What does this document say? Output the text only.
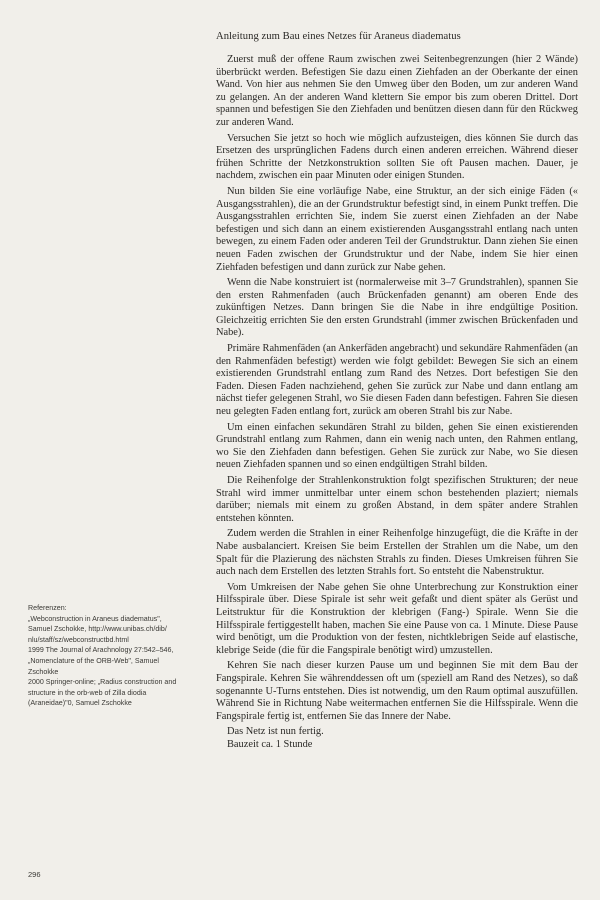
Anleitung zum Bau eines Netzes für Araneus diadematus

Zuerst muß der offene Raum zwischen zwei Seitenbegrenzungen (hier 2 Wände) überbrückt werden. Befestigen Sie dazu einen Ziehfaden an der Oberkante der einen Wand. Von hier aus nehmen Sie den Umweg über den Boden, um zur anderen Wand zu gelangen. An der anderen Wand klettern Sie empor bis zum oberen Drittel. Dort spannen und befestigen Sie den Ziehfaden und benützen diesen dann für den Rückweg zur anderen Wand.

Versuchen Sie jetzt so hoch wie möglich aufzusteigen, dies können Sie durch das Ersetzen des ursprünglichen Fadens durch einen anderen erreichen. Während dieser frühen Schritte der Netzkonstruktion sollten Sie oft Pausen machen. Dauer, je nachdem, zwischen ein paar Minuten oder einigen Stunden.

Nun bilden Sie eine vorläufige Nabe, eine Struktur, an der sich einige Fäden (« Ausgangsstrahlen), die an der Grundstruktur befestigt sind, in einem Punkt treffen. Die Ausgangsstrahlen errichten Sie, indem Sie zuerst einen Ziehfaden an der Nabe befestigen und sich dann an einem existierenden Ausgangsstrahl entlang nach unten bewegen, zu einem Faden oder anderen Teil der Grundstruktur. Dann ziehen Sie einen neuen Faden zwischen der Grundstruktur und der Nabe, indem Sie hier einen Ziehfaden befestigen und dann zurück zur Nabe gehen.

Wenn die Nabe konstruiert ist (normalerweise mit 3–7 Grundstrahlen), spannen Sie den ersten Rahmenfaden (auch Brückenfaden genannt) am oberen Ende des zukünftigen Netzes. Dann bringen Sie die Nabe in ihre endgültige Position. Gleichzeitig errichten Sie den ersten Grundstrahl (immer zwischen Brückenfaden und Nabe).

Primäre Rahmenfäden (an Ankerfäden angebracht) und sekundäre Rahmenfäden (an den Rahmenfäden befestigt) werden wie folgt gebildet: Bewegen Sie sich an einem existierenden Grundstrahl entlang zum Rand des Netzes. Dort befestigen Sie den Faden. Diesen Faden nachziehend, gehen Sie zurück zur Nabe und dann entlang am nächst tiefer gelegenen Strahl, wo Sie diesen Faden dann befestigen. Fahren Sie diesen neu gelegten Faden entlang fort, zurück am oberen Strahl bis zur Nabe.

Um einen einfachen sekundären Strahl zu bilden, gehen Sie einen existierenden Grundstrahl entlang zum Rahmen, dann ein wenig nach unten, den Rahmen entlang, wo Sie den Ziehfaden dann befestigen. Gehen Sie zurück zur Nabe, wo Sie diesen neuen Ziehfaden spannen und so einen endgültigen Strahl bilden.

Die Reihenfolge der Strahlenkonstruktion folgt spezifischen Strukturen; der neue Strahl wird immer unmittelbar unter einem schon bestehenden plaziert; niemals darüber; niemals mit einem zu großen Abstand, in dem später andere Strahlen entstehen könnten.

Zudem werden die Strahlen in einer Reihenfolge hinzugefügt, die die Kräfte in der Nabe ausbalanciert. Kreisen Sie beim Erstellen der Strahlen um die Nabe, um den Spalt für die Plazierung des nächsten Strahls zu finden. Dieses Umkreisen führen Sie auch nach dem Erstellen des letzten Strahls fort. So entsteht die Nabenstruktur.

Vom Umkreisen der Nabe gehen Sie ohne Unterbrechung zur Konstruktion einer Hilfsspirale über. Diese Spirale ist sehr weit gefaßt und dient später als Gerüst und Leitstruktur für die Konstruktion der klebrigen (Fang-) Spirale. Wenn Sie die Hilfsspirale fertiggestellt haben, machen Sie eine Pause von ca. 1 Minute. Diese Pause wird benötigt, um die Produktion von der festen, nichtklebrigen Seide auf elastische, klebrige Seide (die für die Fangspirale benötigt wird) umzustellen.

Kehren Sie nach dieser kurzen Pause um und beginnen Sie mit dem Bau der Fangspirale. Kehren Sie währenddessen oft um (speziell am Rand des Netzes), so daß sogenannte U-Turns entstehen. Dies ist notwendig, um den Raum optimal auszufüllen. Während Sie in Richtung Nabe weitermachen entfernen Sie die Hilfsspirale. Wenn die Fangspirale fertig ist, entfernen Sie das Innere der Nabe.

Das Netz ist nun fertig.

Bauzeit ca. 1 Stunde

Referenzen:

„Webconstruction in Araneus diadematus",

Samuel Zschokke, http://www.unibas.ch/dib/

nlu/staff/sz/webconstructbd.html

1999 The Journal of Arachnology 27:542–546,

„Nomenclature of the ORB-Web", Samuel

Zschokke

2000 Springer-online; „Radius construction and

structure in the orb-web of Zilla diodia

(Araneidae)"0, Samuel Zschokke

296
